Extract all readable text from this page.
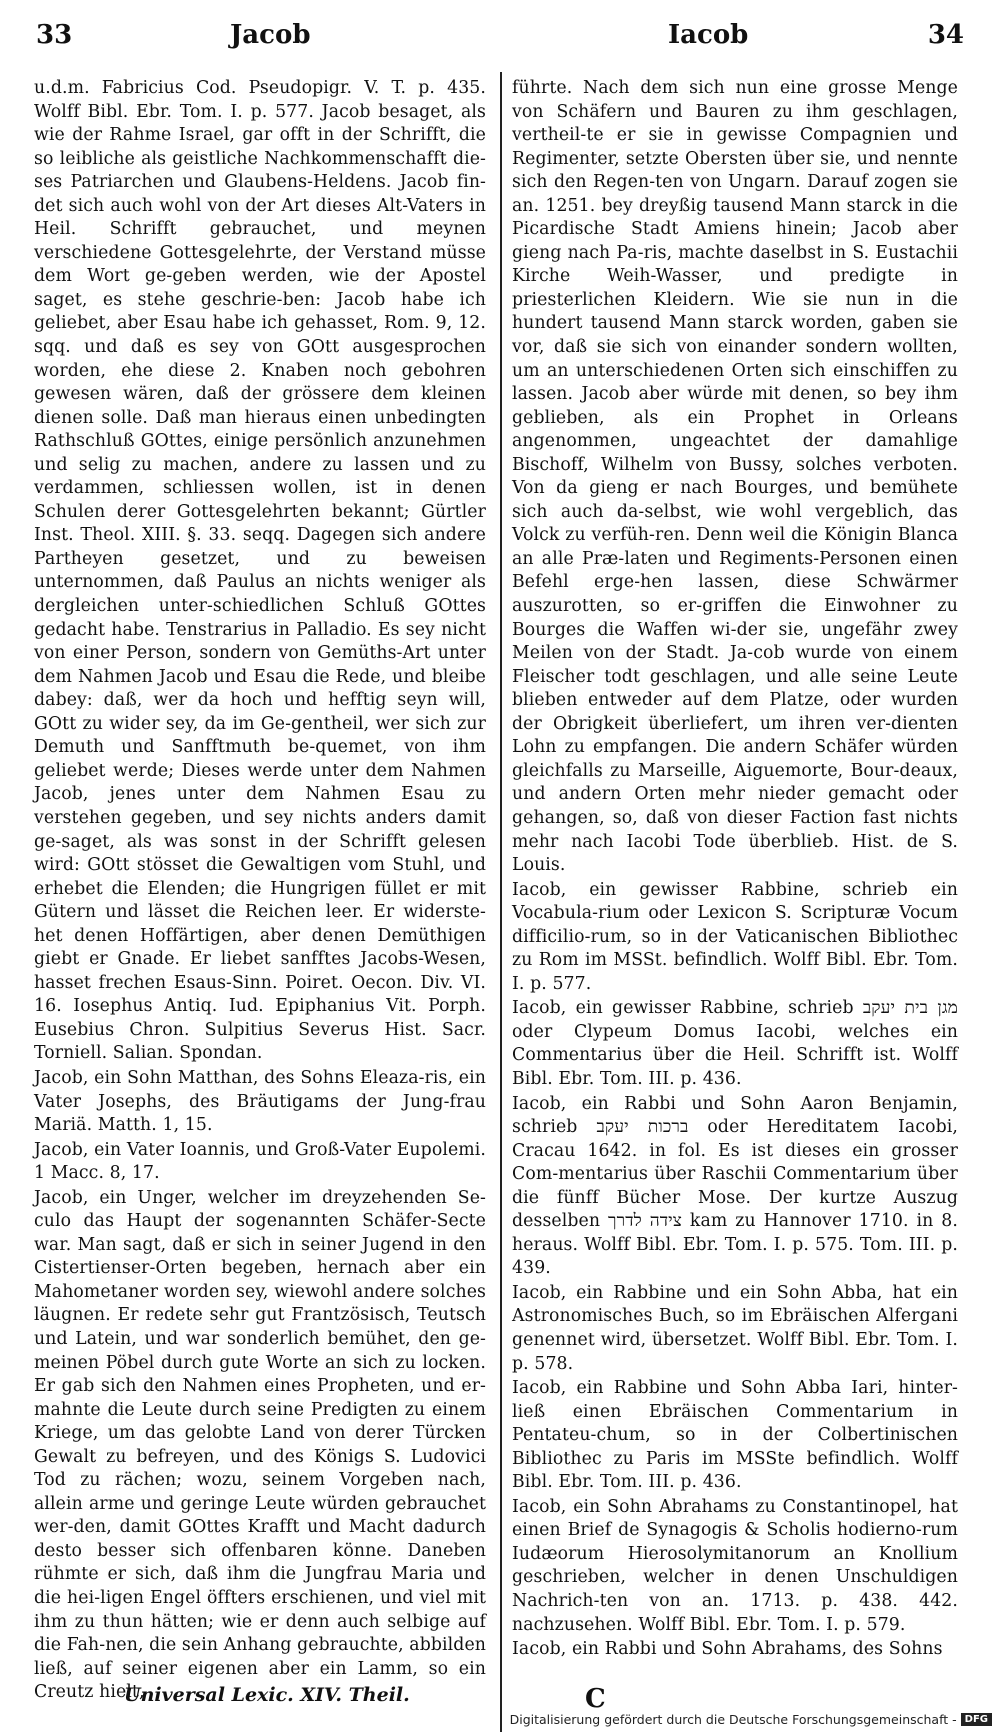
33	Jacob	Iacob	34

u.d.m. Fabricius Cod. Pseudopigr. V. T. p. 435. Wolff Bibl. Ebr. Tom. I. p. 577. Jacob besaget, als wie der Rahme Israel, gar offt in der Schrifft, die so leibliche als geistliche Nachkommenschafft die-ses Patriarchen und Glaubens-Heldens. Jacob fin-det sich auch wohl von der Art dieses Alt-Vaters in Heil. Schrifft gebrauchet, und meynen verschiedene Gottesgelehrte, der Verstand müsse dem Wort ge-geben werden, wie der Apostel saget, es stehe geschrie-ben: Jacob habe ich geliebet, aber Esau habe ich gehasset, Rom. 9, 12. sqq. und daß es sey von GOtt ausgesprochen worden, ehe diese 2. Knaben noch gebohren gewesen wären, daß der grössere dem kleinen dienen solle. Daß man hieraus einen unbedingten Rathschluß GOttes, einige persönlich anzunehmen und selig zu machen, andere zu lassen und zu verdammen, schliessen wollen, ist in denen Schulen derer Gottesgelehrten bekannt; Gürtler Inst. Theol. XIII. §. 33. seqq. Dagegen sich andere Partheyen gesetzet, und zu beweisen unternommen, daß Paulus an nichts weniger als dergleichen unter-schiedlichen Schluß GOttes gedacht habe. Tenstrarius in Palladio. Es sey nicht von einer Person, sondern von Gemüths-Art unter dem Nahmen Jacob und Esau die Rede, und bleibe dabey: daß, wer da hoch und hefftig seyn will, GOtt zu wider sey, da im Ge-gentheil, wer sich zur Demuth und Sanfftmuth be-quemet, von ihm geliebet werde; Dieses werde unter dem Nahmen Jacob, jenes unter dem Nahmen Esau zu verstehen gegeben, und sey nichts anders damit ge-saget, als was sonst in der Schrifft gelesen wird: GOtt stösset die Gewaltigen vom Stuhl, und erhebet die Elenden; die Hungrigen füllet er mit Gütern und lässet die Reichen leer. Er widerste-het denen Hoffärtigen, aber denen Demüthigen giebt er Gnade. Er liebet sanfftes Jacobs-Wesen, hasset frechen Esaus-Sinn. Poiret. Oecon. Div. VI. 16. Iosephus Antiq. Iud. Epiphanius Vit. Porph. Eusebius Chron. Sulpitius Severus Hist. Sacr. Torniell. Salian. Spondan.

Jacob, ein Sohn Matthan, des Sohns Eleaza-ris, ein Vater Josephs, des Bräutigams der Jung-frau Mariä. Matth. 1, 15.

Jacob, ein Vater Ioannis, und Groß-Vater Eupolemi. 1 Macc. 8, 17.

Jacob, ein Unger, welcher im dreyzehenden Se-culo das Haupt der sogenannten Schäfer-Secte war. Man sagt, daß er sich in seiner Jugend in den Cistertienser-Orten begeben, hernach aber ein Mahometaner worden sey, wiewohl andere solches läugnen. Er redete sehr gut Frantzösisch, Teutsch und Latein, und war sonderlich bemühet, den ge-meinen Pöbel durch gute Worte an sich zu locken. Er gab sich den Nahmen eines Propheten, und er-mahnte die Leute durch seine Predigten zu einem Kriege, um das gelobte Land von derer Türcken Gewalt zu befreyen, und des Königs S. Ludovici Tod zu rächen; wozu, seinem Vorgeben nach, allein arme und geringe Leute würden gebrauchet wer-den, damit GOttes Krafft und Macht dadurch desto besser sich offenbaren könne. Daneben rühmte er sich, daß ihm die Jungfrau Maria und die hei-ligen Engel öffters erschienen, und viel mit ihm zu thun hätten; wie er denn auch selbige auf die Fah-nen, die sein Anhang gebrauchte, abbilden ließ, auf seiner eigenen aber ein Lamm, so ein Creutz hielt,

führte. Nach dem sich nun eine grosse Menge von Schäfern und Bauren zu ihm geschlagen, vertheil-te er sie in gewisse Compagnien und Regimenter, setzte Obersten über sie, und nennte sich den Regen-ten von Ungarn. Darauf zogen sie an. 1251. bey dreyßig tausend Mann starck in die Picardische Stadt Amiens hinein; Jacob aber gieng nach Pa-ris, machte daselbst in S. Eustachii Kirche Weih-Wasser, und predigte in priesterlichen Kleidern. Wie sie nun in die hundert tausend Mann starck worden, gaben sie vor, daß sie sich von einander sondern wollten, um an unterschiedenen Orten sich einschiffen zu lassen. Jacob aber würde mit denen, so bey ihm geblieben, als ein Prophet in Orleans angenommen, ungeachtet der damahlige Bischoff, Wilhelm von Bussy, solches verboten. Von da gieng er nach Bourges, und bemühete sich auch da-selbst, wie wohl vergeblich, das Volck zu verfüh-ren. Denn weil die Königin Blanca an alle Præ-laten und Regiments-Personen einen Befehl erge-hen lassen, diese Schwärmer auszurotten, so er-griffen die Einwohner zu Bourges die Waffen wi-der sie, ungefähr zwey Meilen von der Stadt. Ja-cob wurde von einem Fleischer todt geschlagen, und alle seine Leute blieben entweder auf dem Platze, oder wurden der Obrigkeit überliefert, um ihren ver-dienten Lohn zu empfangen. Die andern Schäfer würden gleichfalls zu Marseille, Aiguemorte, Bour-deaux, und andern Orten mehr nieder gemacht oder gehangen, so, daß von dieser Faction fast nichts mehr nach Iacobi Tode überblieb. Hist. de S. Louis.

Iacob, ein gewisser Rabbine, schrieb ein Vocabula-rium oder Lexicon S. Scripturæ Vocum difficilio-rum, so in der Vaticanischen Bibliothec zu Rom im MSSt. befindlich. Wolff Bibl. Ebr. Tom. I. p. 577.

Iacob, ein gewisser Rabbine, schrieb מגן בית יעקב oder Clypeum Domus Iacobi, welches ein Commentarius über die Heil. Schrifft ist. Wolff Bibl. Ebr. Tom. III. p. 436.

Iacob, ein Rabbi und Sohn Aaron Benjamin, schrieb ברכות יעקב oder Hereditatem Iacobi, Cracau 1642. in fol. Es ist dieses ein grosser Com-mentarius über Raschii Commentarium über die fünff Bücher Mose. Der kurtze Auszug desselben צידה לדרך kam zu Hannover 1710. in 8. heraus. Wolff Bibl. Ebr. Tom. I. p. 575. Tom. III. p. 439.

Iacob, ein Rabbine und ein Sohn Abba, hat ein Astronomisches Buch, so im Ebräischen Alfergani genennet wird, übersetzet. Wolff Bibl. Ebr. Tom. I. p. 578.

Iacob, ein Rabbine und Sohn Abba Iari, hinter-ließ einen Ebräischen Commentarium in Pentateu-chum, so in der Colbertinischen Bibliothec zu Paris im MSSte befindlich. Wolff Bibl. Ebr. Tom. III. p. 436.

Iacob, ein Sohn Abrahams zu Constantinopel, hat einen Brief de Synagogis & Scholis hodierno-rum Iudæorum Hierosolymitanorum an Knollium geschrieben, welcher in denen Unschuldigen Nachrich-ten von an. 1713. p. 438. 442. nachzusehen. Wolff Bibl. Ebr. Tom. I. p. 579.

Iacob, ein Rabbi und Sohn Abrahams, des Sohns

Universal Lexic. XIV. Theil.	C
Digitalisierung gefördert durch die Deutsche Forschungsgemeinschaft - DFG
